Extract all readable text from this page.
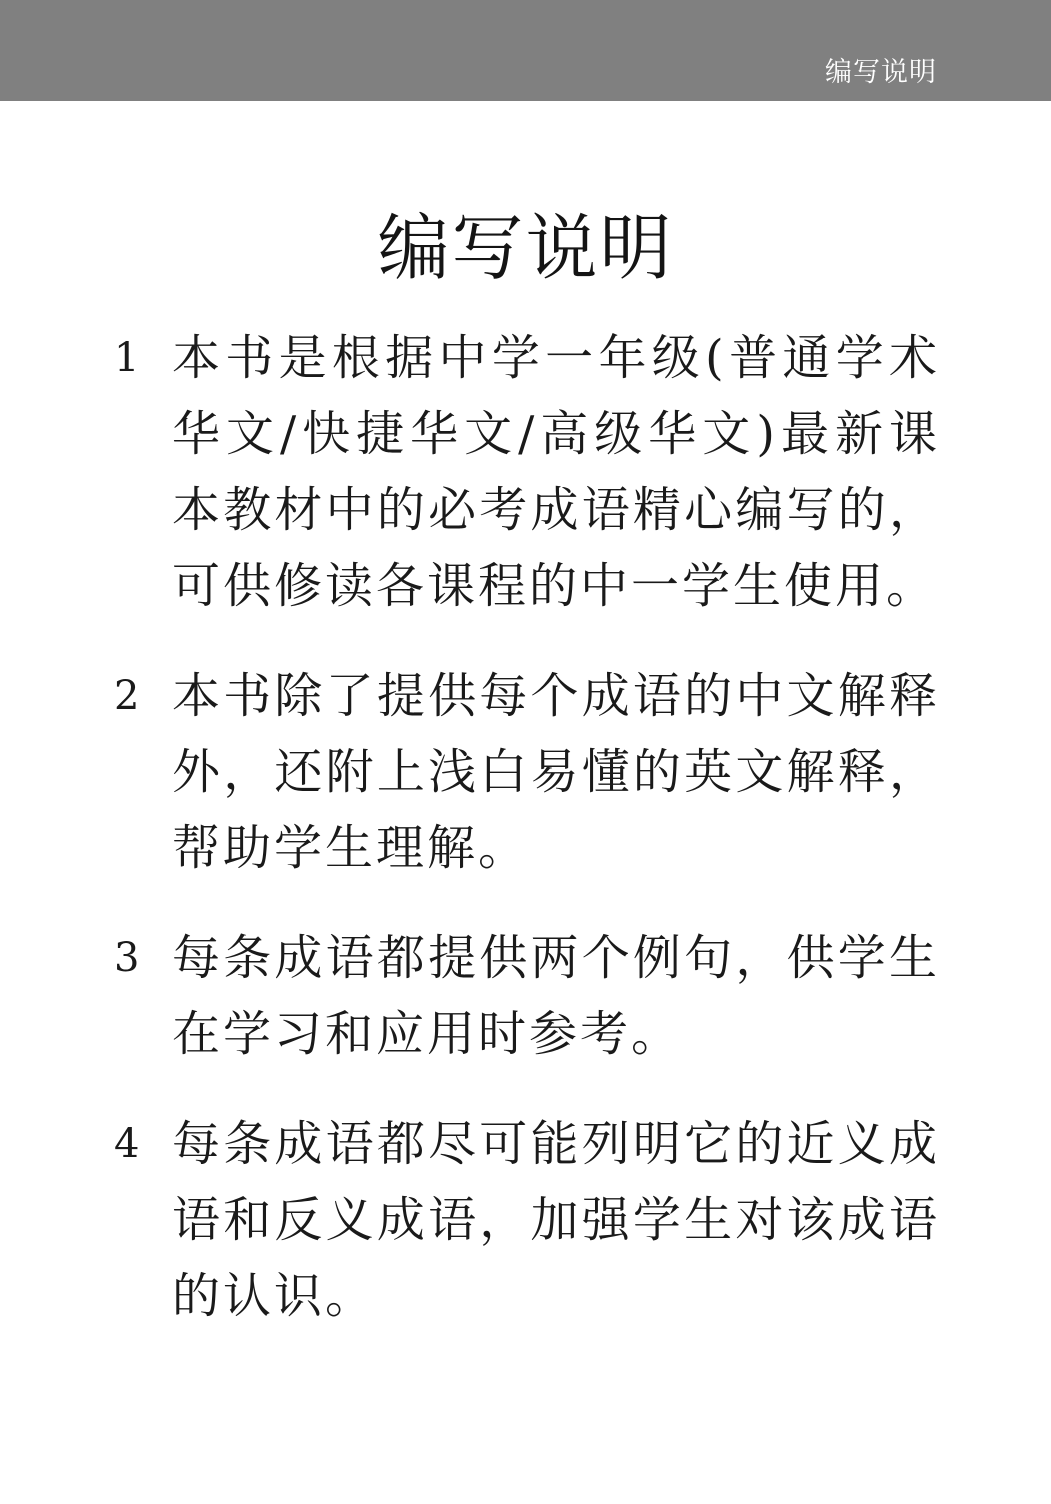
编写说明
编写说明
1 本书是根据中学一年级(普通学术华文/快捷华文/高级华文)最新课本教材中的必考成语精心编写的，可供修读各课程的中一学生使用。
2 本书除了提供每个成语的中文解释外，还附上浅白易懂的英文解释，帮助学生理解。
3 每条成语都提供两个例句，供学生在学习和应用时参考。
4 每条成语都尽可能列明它的近义成语和反义成语，加强学生对该成语的认识。
